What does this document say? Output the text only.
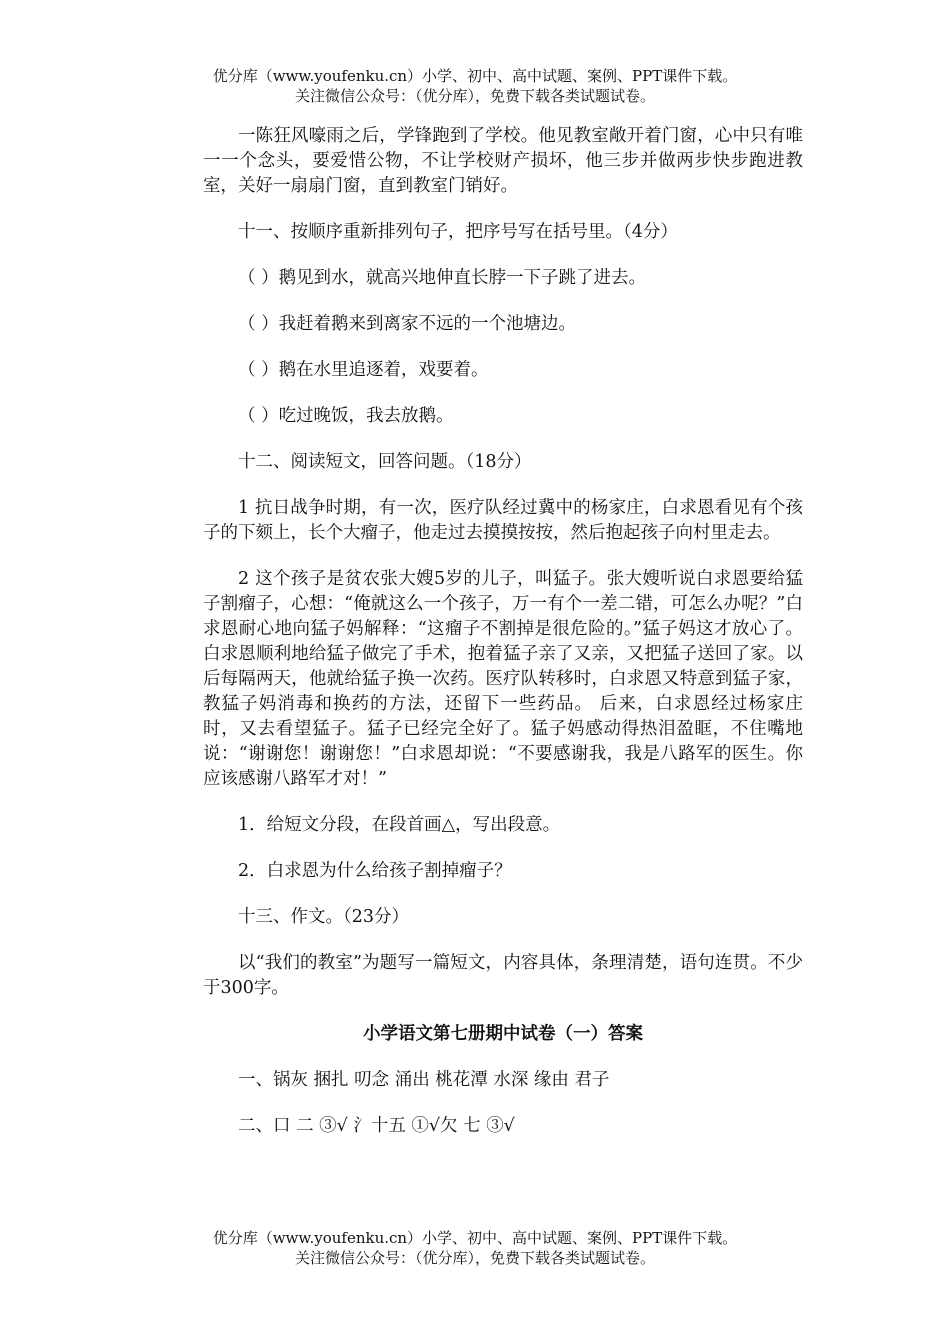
优分库（www.youfenku.cn）小学、初中、高中试题、案例、PPT课件下载。
关注微信公众号：（优分库），免费下载各类试题试卷。

一陈狂风嚎雨之后，学锋跑到了学校。他见教室敞开着门窗，心中只有唯一一个念头，要爱惜公物，不让学校财产损坏，他三步并做两步快步跑进教室，关好一扇扇门窗，直到教室门销好。

十一、按顺序重新排列句子，把序号写在括号里。（4分）

（ ）鹅见到水，就高兴地伸直长脖一下子跳了进去。

（ ）我赶着鹅来到离家不远的一个池塘边。

（ ）鹅在水里追逐着，戏要着。

（ ）吃过晚饭，我去放鹅。

十二、阅读短文，回答问题。（18分）

1 抗日战争时期，有一次，医疗队经过冀中的杨家庄，白求恩看见有个孩子的下颏上，长个大瘤子，他走过去摸摸按按，然后抱起孩子向村里走去。

2 这个孩子是贫农张大嫂5岁的儿子，叫猛子。张大嫂听说白求恩要给猛子割瘤子，心想：“俺就这么一个孩子，万一有个一差二错，可怎么办呢？”白求恩耐心地向猛子妈解释：“这瘤子不割掉是很危险的。”猛子妈这才放心了。白求恩顺利地给猛子做完了手术，抱着猛子亲了又亲，又把猛子送回了家。以后每隔两天，他就给猛子换一次药。医疗队转移时，白求恩又特意到猛子家，教猛子妈消毒和换药的方法，还留下一些药品。 后来，白求恩经过杨家庄时，又去看望猛子。猛子已经完全好了。猛子妈感动得热泪盈眶，不住嘴地说：“谢谢您！谢谢您！”白求恩却说：“不要感谢我，我是八路军的医生。你应该感谢八路军才对！”

1．给短文分段，在段首画△，写出段意。

2．白求恩为什么给孩子割掉瘤子？

十三、作文。（23分）

以“我们的教室”为题写一篇短文，内容具体，条理清楚，语句连贯。不少于300字。

小学语文第七册期中试卷（一）答案

一、锅灰 捆扎 叨念 涌出 桃花潭 水深 缘由 君子

二、口 二 ③√ 氵十五 ①√欠 七 ③√

优分库（www.youfenku.cn）小学、初中、高中试题、案例、PPT课件下载。
关注微信公众号：（优分库），免费下载各类试题试卷。
